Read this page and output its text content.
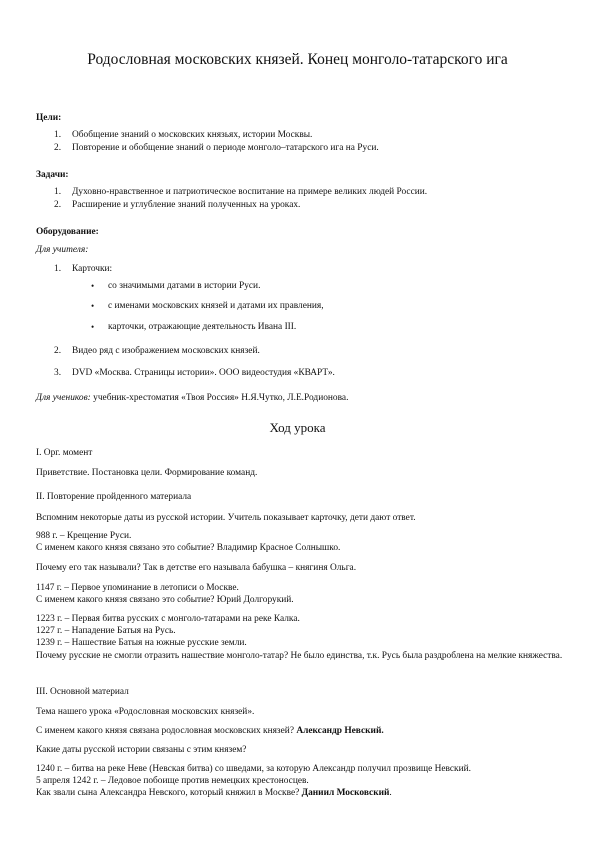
Родословная московских князей. Конец монголо-татарского ига
Цели:
1. Обобщение знаний о московских князьях, истории Москвы.
2. Повторение и обобщение знаний о периоде монголо–татарского ига на Руси.
Задачи:
1. Духовно-нравственное и патриотическое воспитание на примере великих людей России.
2. Расширение и углубление знаний полученных на уроках.
Оборудование:
Для учителя:
1. Карточки:
• со значимыми датами в истории Руси.
• с именами московских князей и датами их правления,
• карточки, отражающие деятельность Ивана III.
2. Видео ряд с изображением московских князей.
3. DVD «Москва. Страницы истории». ООО видеостудия «КВАРТ».
Для учеников: учебник-хрестоматия «Твоя Россия» Н.Я.Чутко, Л.Е.Родионова.
Ход урока
I. Орг. момент
Приветствие. Постановка цели. Формирование команд.
II. Повторение пройденного материала
Вспомним некоторые даты из русской истории. Учитель показывает карточку, дети дают ответ.
988 г. – Крещение Руси.
С именем какого князя связано это событие? Владимир Красное Солнышко.
Почему его так называли? Так в детстве его называла бабушка – княгиня Ольга.
1147 г. – Первое упоминание в летописи о Москве.
С именем какого князя связано это событие? Юрий Долгорукий.
1223 г. – Первая битва русских с монголо-татарами на реке Калка.
1227 г. – Нападение Батыя на Русь.
1239 г. – Нашествие Батыя на южные русские земли.
Почему русские не смогли отразить нашествие монголо-татар? Не было единства, т.к. Русь была раздроблена на мелкие княжества.
III. Основной материал
Тема нашего урока «Родословная московских князей».
С именем какого князя связана родословная московских князей? Александр Невский.
Какие даты русской истории связаны с этим князем?
1240 г. – битва на реке Неве (Невская битва) со шведами, за которую Александр получил прозвище Невский.
5 апреля 1242 г. – Ледовое побоище против немецких крестоносцев.
Как звали сына Александра Невского, который княжил в Москве? Даниил Московский.
